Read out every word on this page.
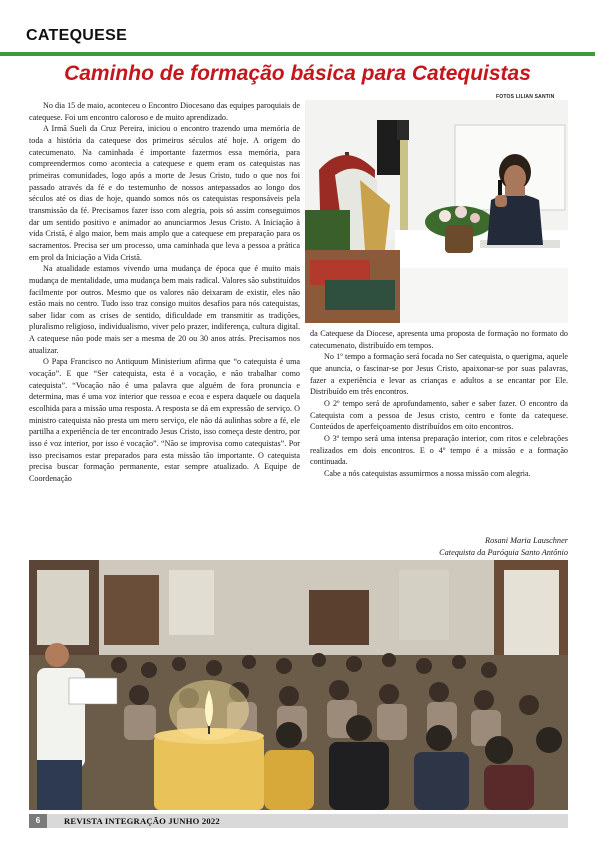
CATEQUESE
Caminho de formação básica para Catequistas
FOTOS LILIAN SANTIN

No dia 15 de maio, aconteceu o Encontro Diocesano das equipes paroquiais de catequese. Foi um encontro caloroso e de muito aprendizado.

A Irmã Sueli da Cruz Pereira, iniciou o encontro trazendo uma memória de toda a história da catequese dos primeiros séculos até hoje. A origem do catecumenato. Na caminhada é importante fazermos essa memória, para compreendermos como acontecia a catequese e quem eram os catequistas nas primeiras comunidades, logo após a morte de Jesus Cristo, tudo o que nos foi passado através da fé e do testemunho de nossos antepassados ao longo dos séculos até os dias de hoje, quando somos nós os catequistas responsáveis pela transmissão da fé. Precisamos fazer isso com alegria, pois só assim conseguimos dar um sentido positivo e animador ao anunciarmos Jesus Cristo. A Iniciação à vida Cristã, é algo maior, bem mais amplo que a catequese em preparação para os sacramentos. Precisa ser um processo, uma caminhada que leva a pessoa a prática em prol da Iniciação a Vida Cristã.

Na atualidade estamos vivendo uma mudança de época que é muito mais mudança de mentalidade, uma mudança bem mais radical. Valores são substituídos facilmente por outros. Mesmo que os valores não deixaram de existir, eles não estão mais no centro. Tudo isso traz consigo muitos desafios para nós catequistas, saber lidar com as crises de sentido, dificuldade em transmitir as tradições, pluralismo religioso, individualismo, viver pelo prazer, indiferença, cultura digital. A catequese não pode mais ser a mesma de 20 ou 30 anos atrás. Precisamos nos atualizar.

O Papa Francisco no Antiquum Ministerium afirma que “o catequista é uma vocação”. E que “Ser catequista, esta é a vocação, e não trabalhar como catequista”. “Vocação não é uma palavra que alguém de fora pronuncia e determina, mas é uma voz interior que ressoa e ecoa e espera daquele ou daquela escolhida para a missão uma resposta. A resposta se dá em expressão de serviço. O ministro catequista não presta um mero serviço, ele não dá aulinhas sobre a fé, ele partilha a experiência de ter encontrado Jesus Cristo, isso começa deste dentro, por isso é voz interior, por isso é vocação”. “Não se improvisa como catequistas”. Por isso precisamos estar preparados para esta missão tão importante. O catequista precisa buscar formação permanente, estar sempre atualizado. A Equipe de Coordenação

da Catequese da Diocese, apresenta uma proposta de formação no formato do catecumenato, distribuído em tempos.

No 1º tempo a formação será focada no Ser catequista, o querigma, aquele que anuncia, o fascinar-se por Jesus Cristo, apaixonar-se por suas palavras, fazer a experiência e levar as crianças e adultos a se encantar por Ele. Distribuído em três encontros.

O 2º tempo será de aprofundamento, saber e saber fazer. O encontro da Catequista com a pessoa de Jesus cristo, centro e fonte da catequese. Conteúdos de aperfeiçoamento distribuídos em oito encontros.

O 3º tempo será uma intensa preparação interior, com ritos e celebrações realizados em dois encontros. E o 4º tempo é a missão e a formação continuada.

Cabe a nós catequistas assumirmos a nossa missão com alegria.

Rosani Maria Lauschner
Catequista da Paróquia Santo Antônio
6	REVISTA INTEGRAÇÃO JUNHO 2022
